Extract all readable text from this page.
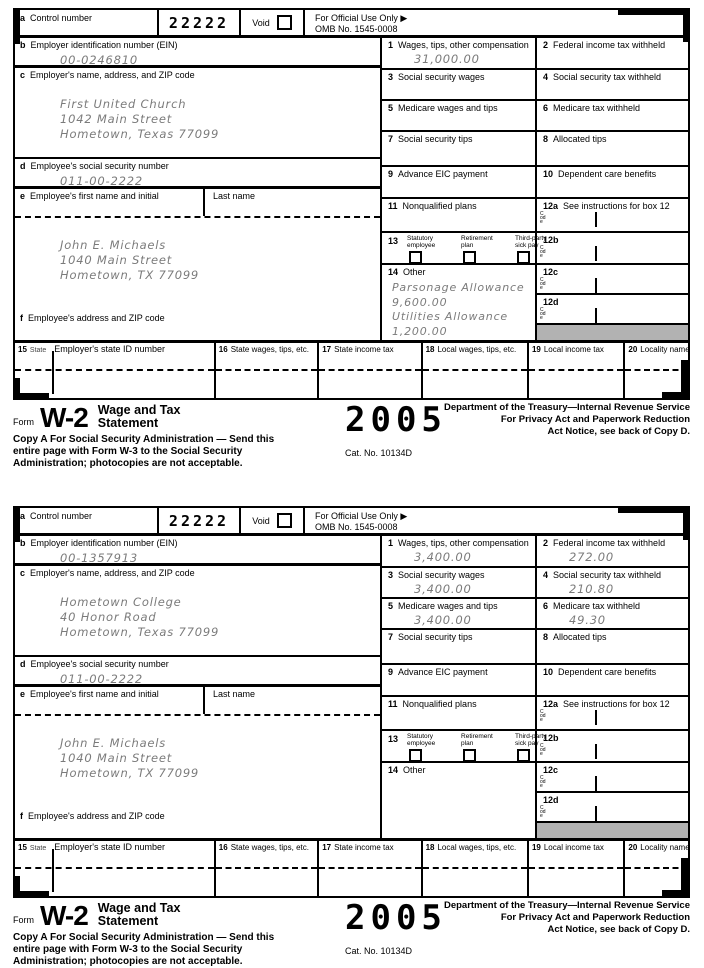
a Control number	22222	Void	For Official Use Only ▶
OMB No. 1545-0008
b Employer identification number (EIN)
00-0246810
c Employer's name, address, and ZIP code
First United Church
1042 Main Street
Hometown, Texas 77099
d Employee's social security number
011-00-2222
e Employee's first name and initial	Last name
John E. Michaels
1040 Main Street
Hometown, TX 77099
f Employee's address and ZIP code
1 Wages, tips, other compensation
31,000.00
2 Federal income tax withheld
3 Social security wages	4 Social security tax withheld
5 Medicare wages and tips	6 Medicare tax withheld
7 Social security tips	8 Allocated tips
9 Advance EIC payment	10 Dependent care benefits
11 Nonqualified plans	12a See instructions for box 12
Code
13 Statutory employee
Retirement plan
Third-party sick pay 12b
Code
14 Other
Parsonage Allowance
9,600.00
Utilities Allowance
1,200.00
12c
Code
12d
Code
15 State Employer's state ID number	16 State wages, tips, etc. 17 State income tax	18 Local wages, tips, etc. 19 Local income tax	20 Locality name
Form W-2 Wage and Tax
Statement
Copy A For Social Security Administration — Send this
entire page with Form W-3 to the Social Security
Administration; photocopies are not acceptable.
2005
Cat. No. 10134D
Department of the Treasury—Internal Revenue Service
For Privacy Act and Paperwork Reduction
Act Notice, see back of Copy D.
a Control number	22222	Void	For Official Use Only ▶
OMB No. 1545-0008
b Employer identification number (EIN)
00-1357913
c Employer's name, address, and ZIP code
Hometown College
40 Honor Road
Hometown, Texas 77099
d Employee's social security number
011-00-2222
e Employee's first name and initial	Last name
John E. Michaels
1040 Main Street
Hometown, TX 77099
f Employee's address and ZIP code
1 Wages, tips, other compensation
3,400.00
2 Federal income tax withheld
272.00
3 Social security wages
3,400.00
4 Social security tax withheld
210.80
5 Medicare wages and tips
3,400.00
6 Medicare tax withheld
49.30
7 Social security tips	8 Allocated tips
9 Advance EIC payment	10 Dependent care benefits
11 Nonqualified plans	12a See instructions for box 12
Code
13 Statutory employee
Retirement plan
Third-party sick pay 12b
Code
14 Other	12c
Code
12d
Code
15 State Employer's state ID number	16 State wages, tips, etc. 17 State income tax	18 Local wages, tips, etc. 19 Local income tax	20 Locality name
Form W-2 Wage and Tax
Statement
Copy A For Social Security Administration — Send this
entire page with Form W-3 to the Social Security
Administration; photocopies are not acceptable.
2005
Cat. No. 10134D
Department of the Treasury—Internal Revenue Service
For Privacy Act and Paperwork Reduction
Act Notice, see back of Copy D.
